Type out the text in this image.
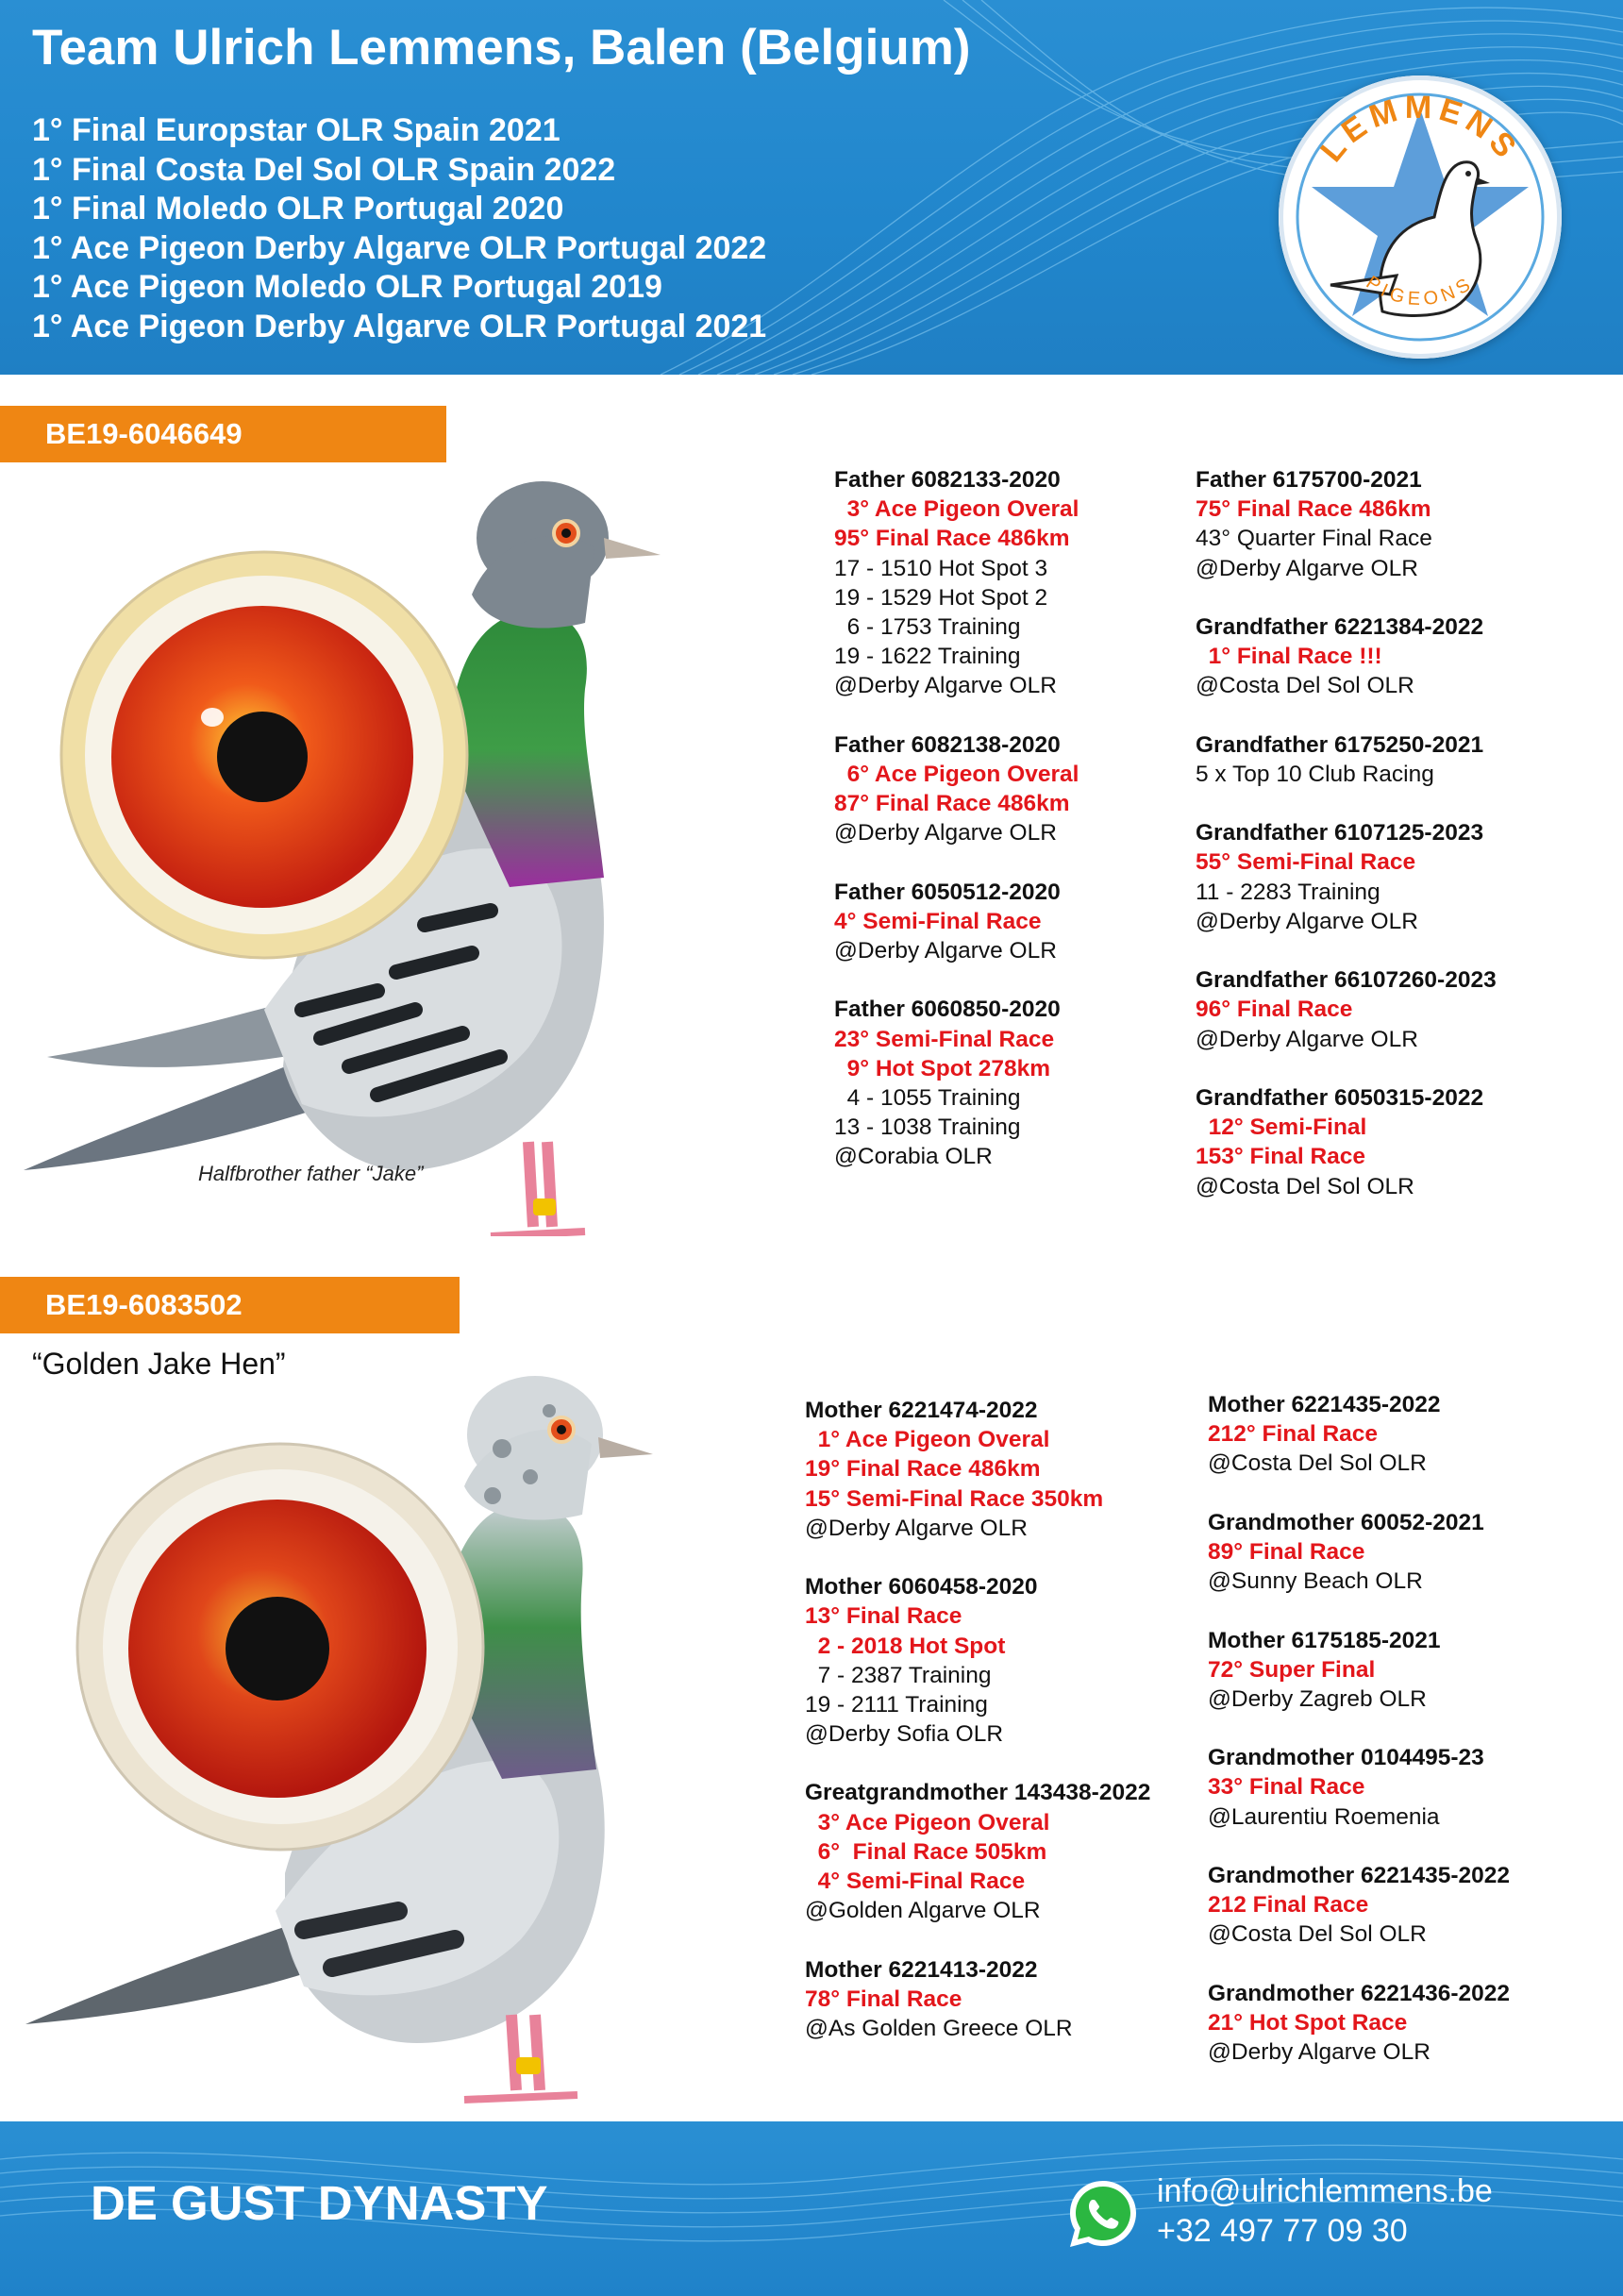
Team Ulrich Lemmens, Balen (Belgium)
1° Final Europstar OLR Spain 2021
1° Final Costa Del Sol OLR Spain 2022
1° Final Moledo OLR Portugal 2020
1° Ace Pigeon Derby Algarve OLR Portugal 2022
1° Ace Pigeon Moledo OLR Portugal 2019
1° Ace Pigeon Derby Algarve OLR Portugal 2021
LEMMENS
PIGEONS
BE19-6046649
Halfbrother father “Jake”
Father 6082133-2020
3° Ace Pigeon Overal
95° Final Race 486km
17 - 1510 Hot Spot 3
19 - 1529 Hot Spot 2
6 - 1753 Training
19 - 1622 Training
@Derby Algarve OLR
Father 6082138-2020
6° Ace Pigeon Overal
87° Final Race 486km
@Derby Algarve OLR
Father 6050512-2020
4° Semi-Final Race
@Derby Algarve OLR
Father 6060850-2020
23° Semi-Final Race
9° Hot Spot 278km
4 - 1055 Training
13 - 1038 Training
@Corabia OLR
Father 6175700-2021
75° Final Race 486km
43° Quarter Final Race
@Derby Algarve OLR
Grandfather 6221384-2022
1° Final Race !!!
@Costa Del Sol OLR
Grandfather 6175250-2021
5 x Top 10 Club Racing
Grandfather 6107125-2023
55° Semi-Final Race
11 - 2283 Training
@Derby Algarve OLR
Grandfather 66107260-2023
96° Final Race
@Derby Algarve OLR
Grandfather 6050315-2022
12° Semi-Final
153° Final Race
@Costa Del Sol OLR
BE19-6083502
“Golden Jake Hen”
Mother 6221474-2022
1° Ace Pigeon Overal
19° Final Race 486km
15° Semi-Final Race 350km
@Derby Algarve OLR
Mother 6060458-2020
13° Final Race
2 - 2018 Hot Spot
7 - 2387 Training
19 - 2111 Training
@Derby Sofia OLR
Greatgrandmother 143438-2022
3° Ace Pigeon Overal
6°  Final Race 505km
4° Semi-Final Race
@Golden Algarve OLR
Mother 6221413-2022
78° Final Race
@As Golden Greece OLR
Mother 6221435-2022
212° Final Race
@Costa Del Sol OLR
Grandmother 60052-2021
89° Final Race
@Sunny Beach OLR
Mother 6175185-2021
72° Super Final
@Derby Zagreb OLR
Grandmother 0104495-23
33° Final Race
@Laurentiu Roemenia
Grandmother 6221435-2022
212 Final Race
@Costa Del Sol OLR
Grandmother 6221436-2022
21° Hot Spot Race
@Derby Algarve OLR
DE GUST DYNASTY	info@ulrichlemmens.be
+32 497 77 09 30
